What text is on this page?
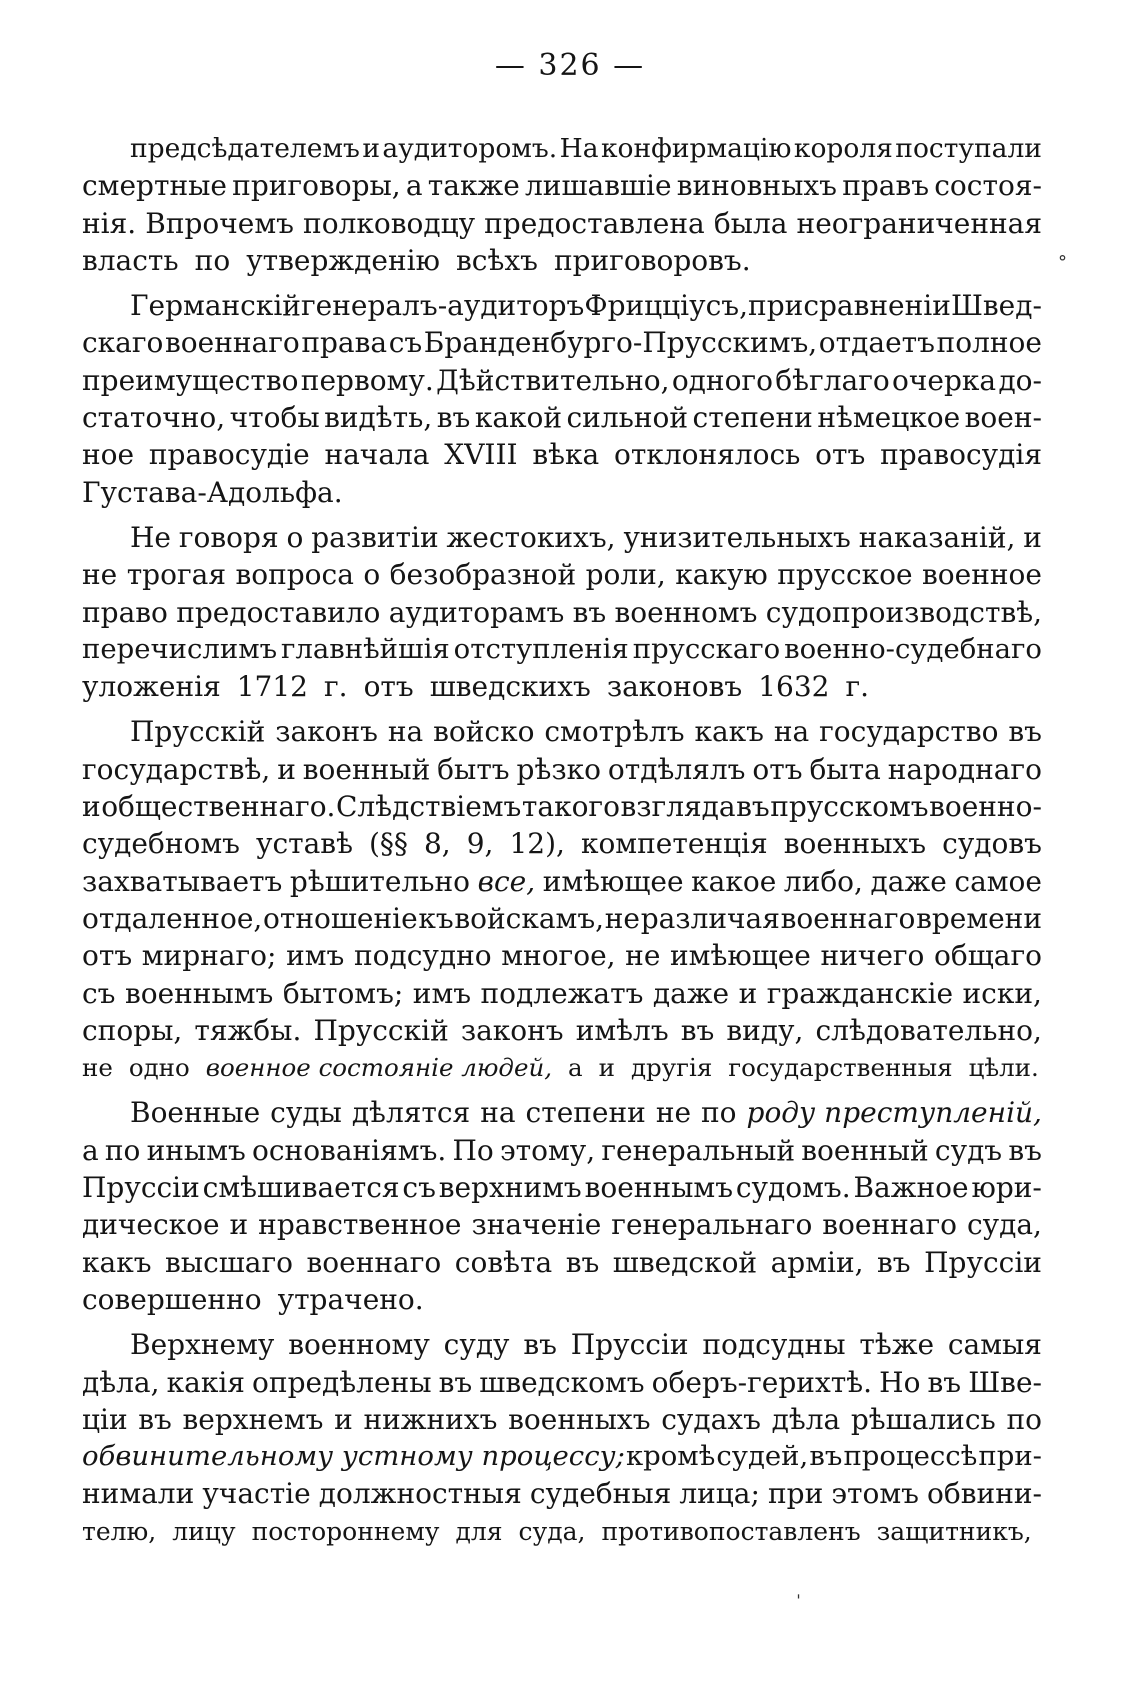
— 326 —
предсѣдателемъ и аудиторомъ. На конфирмацію короля поступали
смертные приговоры, а также лишавшіе виновныхъ правъ состоя-
нія. Впрочемъ полководцу предоставлена была неограниченная
власть по утвержденію всѣхъ приговоровъ.
Германскій генералъ-аудиторъ Фрицціусъ, при сравненіи Швед-
скаго военнаго права съ Бранденбурго-Прусскимъ, отдаетъ полное
преимущество первому. Дѣйствительно, одного бѣглаго очерка до-
статочно, чтобы видѣть, въ какой сильной степени нѣмецкое воен-
ное правосудіе начала XVIII вѣка отклонялось отъ правосудія
Густава-Адольфа.
Не говоря о развитіи жестокихъ, унизительныхъ наказаній, и
не трогая вопроса о безобразной роли, какую прусское военное
право предоставило аудиторамъ въ военномъ судопроизводствѣ,
перечислимъ главнѣйшія отступленія прусскаго военно-судебнаго
уложенія 1712 г. отъ шведскихъ законовъ 1632 г.
Прусскій законъ на войско смотрѣлъ какъ на государство въ
государствѣ, и военный бытъ рѣзко отдѣлялъ отъ быта народнаго
и общественнаго. Слѣдствіемъ такого взгляда въ прусскомъ военно-
судебномъ уставѣ (§§ 8, 9, 12), компетенція военныхъ судовъ
захватываетъ рѣшительно все, имѣющее какое либо, даже самое
отдаленное, отношеніе къ войскамъ, не различая военнаго времени
отъ мирнаго; имъ подсудно многое, не имѣющее ничего общаго
съ военнымъ бытомъ; имъ подлежатъ даже и гражданскіе иски,
споры, тяжбы. Прусскій законъ имѣлъ въ виду, слѣдовательно,
не одно военное состояніе людей, а и другія государственныя цѣли.
Военные суды дѣлятся на степени не по роду преступленій,
а по инымъ основаніямъ. По этому, генеральный военный судъ въ
Пруссіи смѣшивается съ верхнимъ военнымъ судомъ. Важное юри-
дическое и нравственное значеніе генеральнаго военнаго суда,
какъ высшаго военнаго совѣта въ шведской арміи, въ Пруссіи
совершенно утрачено.
Верхнему военному суду въ Пруссіи подсудны тѣже самыя
дѣла, какія опредѣлены въ шведскомъ оберъ-герихтѣ. Но въ Шве-
ціи въ верхнемъ и нижнихъ военныхъ судахъ дѣла рѣшались по
обвинительному устному процессу; кромѣ судей, въ процессѣ при-
нимали участіе должностныя судебныя лица; при этомъ обвини-
телю, лицу постороннему для суда, противопоставленъ защитникъ,
°
ˈ
